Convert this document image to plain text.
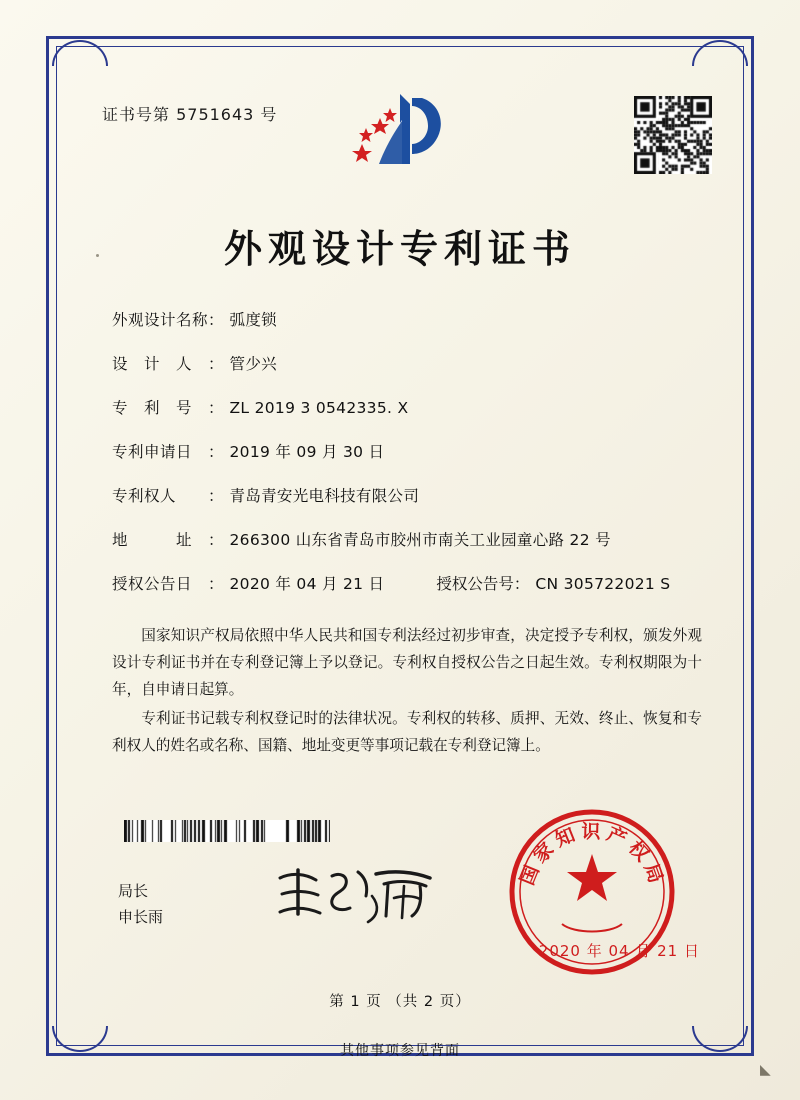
证书号第 5751643 号
外观设计专利证书
外观设计名称 ： 弧度锁
设　计　人	： 管少兴
专　利　号	： ZL 2019 3 0542335. X
专利申请日	： 2019 年 09 月 30 日
专利权人	： 青岛青安光电科技有限公司
地　　　址	： 266300 山东省青岛市胶州市南关工业园童心路 22 号
授权公告日	： 2020 年 04 月 21 日	授权公告号 ： CN 305722021 S

国家知识产权局依照中华人民共和国专利法经过初步审查，决定授予专利权，颁发外观设计专利证书并在专利登记簿上予以登记。专利权自授权公告之日起生效。专利权期限为十年，自申请日起算。

专利证书记载专利权登记时的法律状况。专利权的转移、质押、无效、终止、恢复和专利权人的姓名或名称、国籍、地址变更等事项记载在专利登记簿上。

局长
申长雨
国家知识产权局
2020 年 04 月 21 日
第 1 页 （共 2 页）
其他事项参见背面
◣
